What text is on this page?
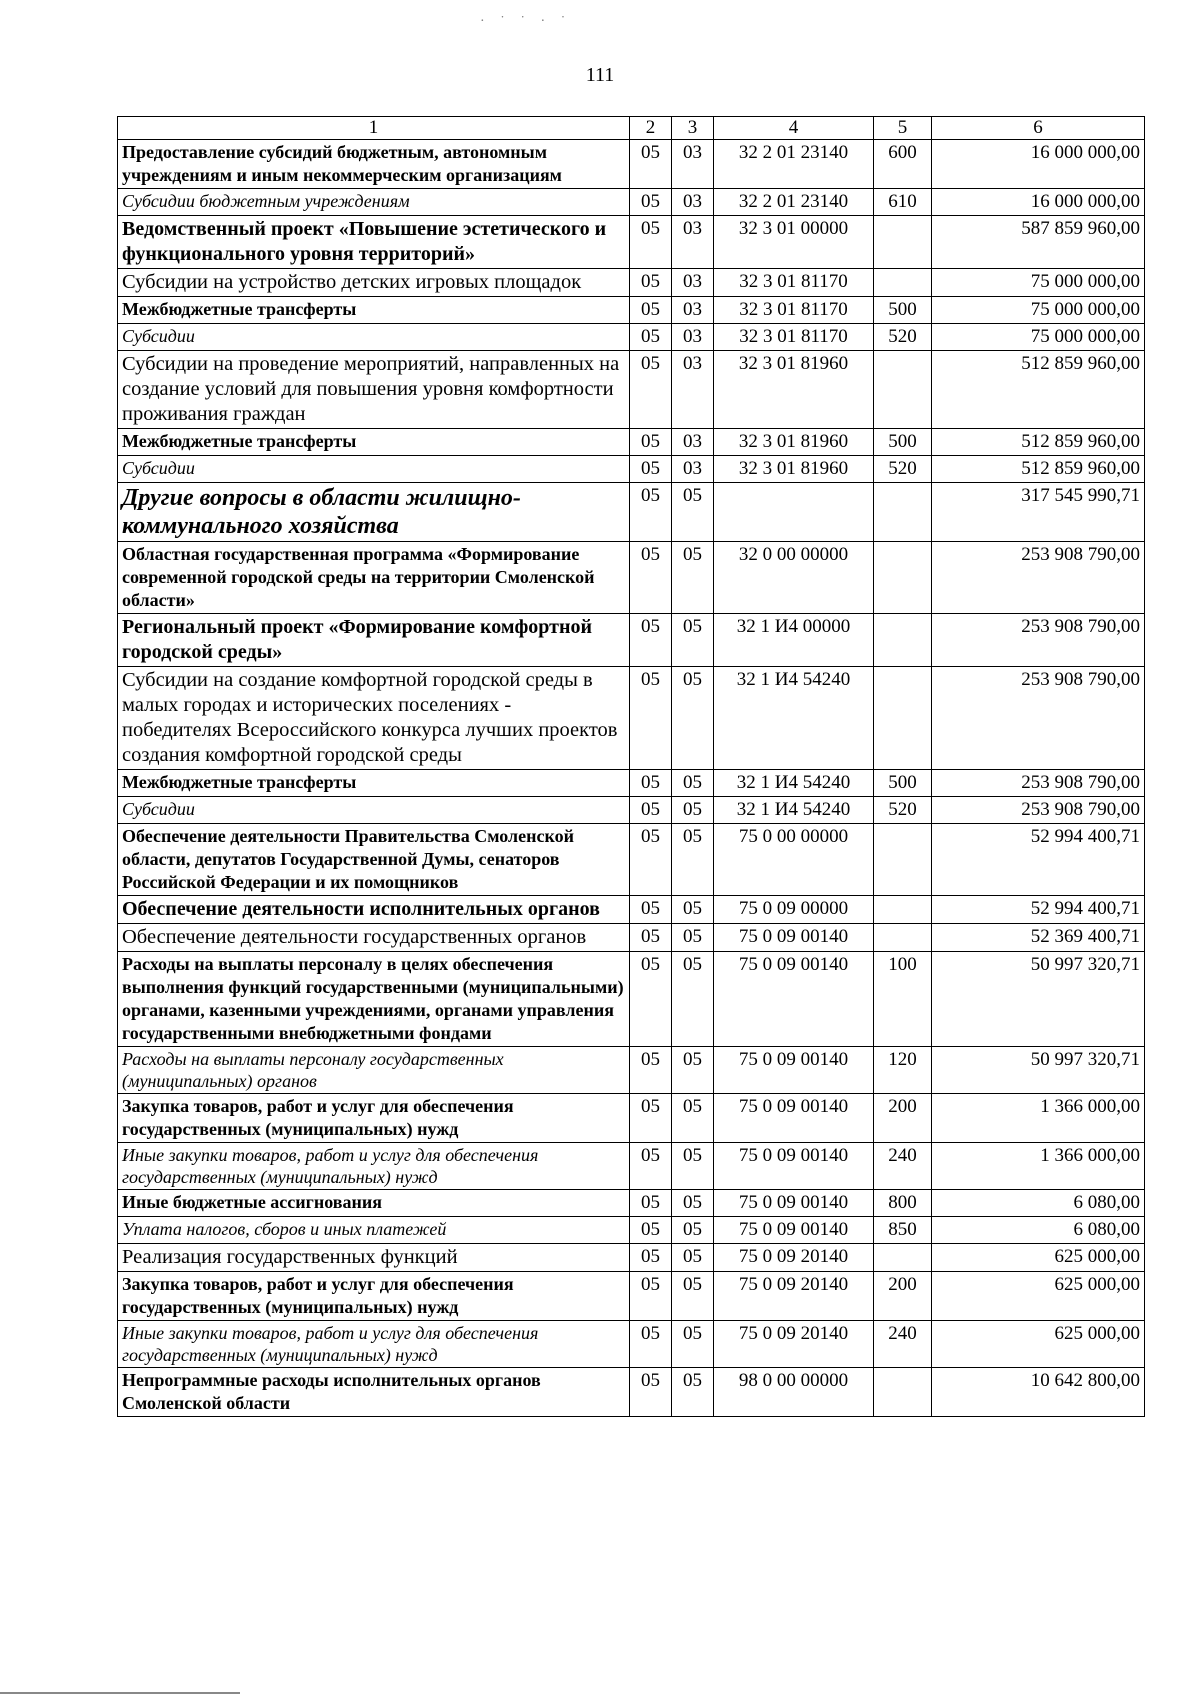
· ˙ ˙ · ˙
111
1	2	3	4	5	6
Предоставление субсидий бюджетным, автономным учреждениям и иным некоммерческим организациям	05	03	32 2 01 23140	600	16 000 000,00
Субсидии бюджетным учреждениям	05	03	32 2 01 23140	610	16 000 000,00
Ведомственный проект «Повышение эстетического и функционального уровня территорий»	05	03	32 3 01 00000		587 859 960,00
Субсидии на устройство детских игровых площадок	05	03	32 3 01 81170		75 000 000,00
Межбюджетные трансферты	05	03	32 3 01 81170	500	75 000 000,00
Субсидии	05	03	32 3 01 81170	520	75 000 000,00
Субсидии на проведение мероприятий, направленных на создание условий для повышения уровня комфортности проживания граждан	05	03	32 3 01 81960		512 859 960,00
Межбюджетные трансферты	05	03	32 3 01 81960	500	512 859 960,00
Субсидии	05	03	32 3 01 81960	520	512 859 960,00
Другие вопросы в области жилищно-коммунального хозяйства	05	05			317 545 990,71
Областная государственная программа «Формирование современной городской среды на территории Смоленской области»	05	05	32 0 00 00000		253 908 790,00
Региональный проект «Формирование комфортной городской среды»	05	05	32 1 И4 00000		253 908 790,00
Субсидии на создание комфортной городской среды в малых городах и исторических поселениях - победителях Всероссийского конкурса лучших проектов создания комфортной городской среды	05	05	32 1 И4 54240		253 908 790,00
Межбюджетные трансферты	05	05	32 1 И4 54240	500	253 908 790,00
Субсидии	05	05	32 1 И4 54240	520	253 908 790,00
Обеспечение деятельности Правительства Смоленской области, депутатов Государственной Думы, сенаторов Российской Федерации и их помощников	05	05	75 0 00 00000		52 994 400,71
Обеспечение деятельности исполнительных органов	05	05	75 0 09 00000		52 994 400,71
Обеспечение деятельности государственных органов	05	05	75 0 09 00140		52 369 400,71
Расходы на выплаты персоналу в целях обеспечения выполнения функций государственными (муниципальными) органами, казенными учреждениями, органами управления государственными внебюджетными фондами	05	05	75 0 09 00140	100	50 997 320,71
Расходы на выплаты персоналу государственных (муниципальных) органов	05	05	75 0 09 00140	120	50 997 320,71
Закупка товаров, работ и услуг для обеспечения государственных (муниципальных) нужд	05	05	75 0 09 00140	200	1 366 000,00
Иные закупки товаров, работ и услуг для обеспечения государственных (муниципальных) нужд	05	05	75 0 09 00140	240	1 366 000,00
Иные бюджетные ассигнования	05	05	75 0 09 00140	800	6 080,00
Уплата налогов, сборов и иных платежей	05	05	75 0 09 00140	850	6 080,00
Реализация государственных функций	05	05	75 0 09 20140		625 000,00
Закупка товаров, работ и услуг для обеспечения государственных (муниципальных) нужд	05	05	75 0 09 20140	200	625 000,00
Иные закупки товаров, работ и услуг для обеспечения государственных (муниципальных) нужд	05	05	75 0 09 20140	240	625 000,00
Непрограммные расходы исполнительных органов Смоленской области	05	05	98 0 00 00000		10 642 800,00
